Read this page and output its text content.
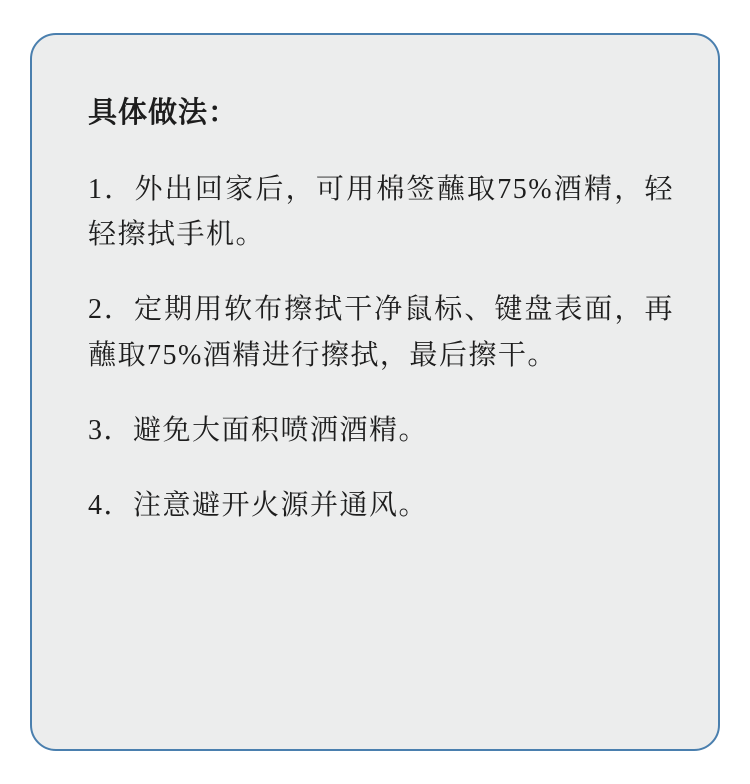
具体做法：

1．外出回家后，可用棉签蘸取75%酒精，轻轻擦拭手机。

2．定期用软布擦拭干净鼠标、键盘表面，再蘸取75%酒精进行擦拭，最后擦干。

3．避免大面积喷洒酒精。

4．注意避开火源并通风。
